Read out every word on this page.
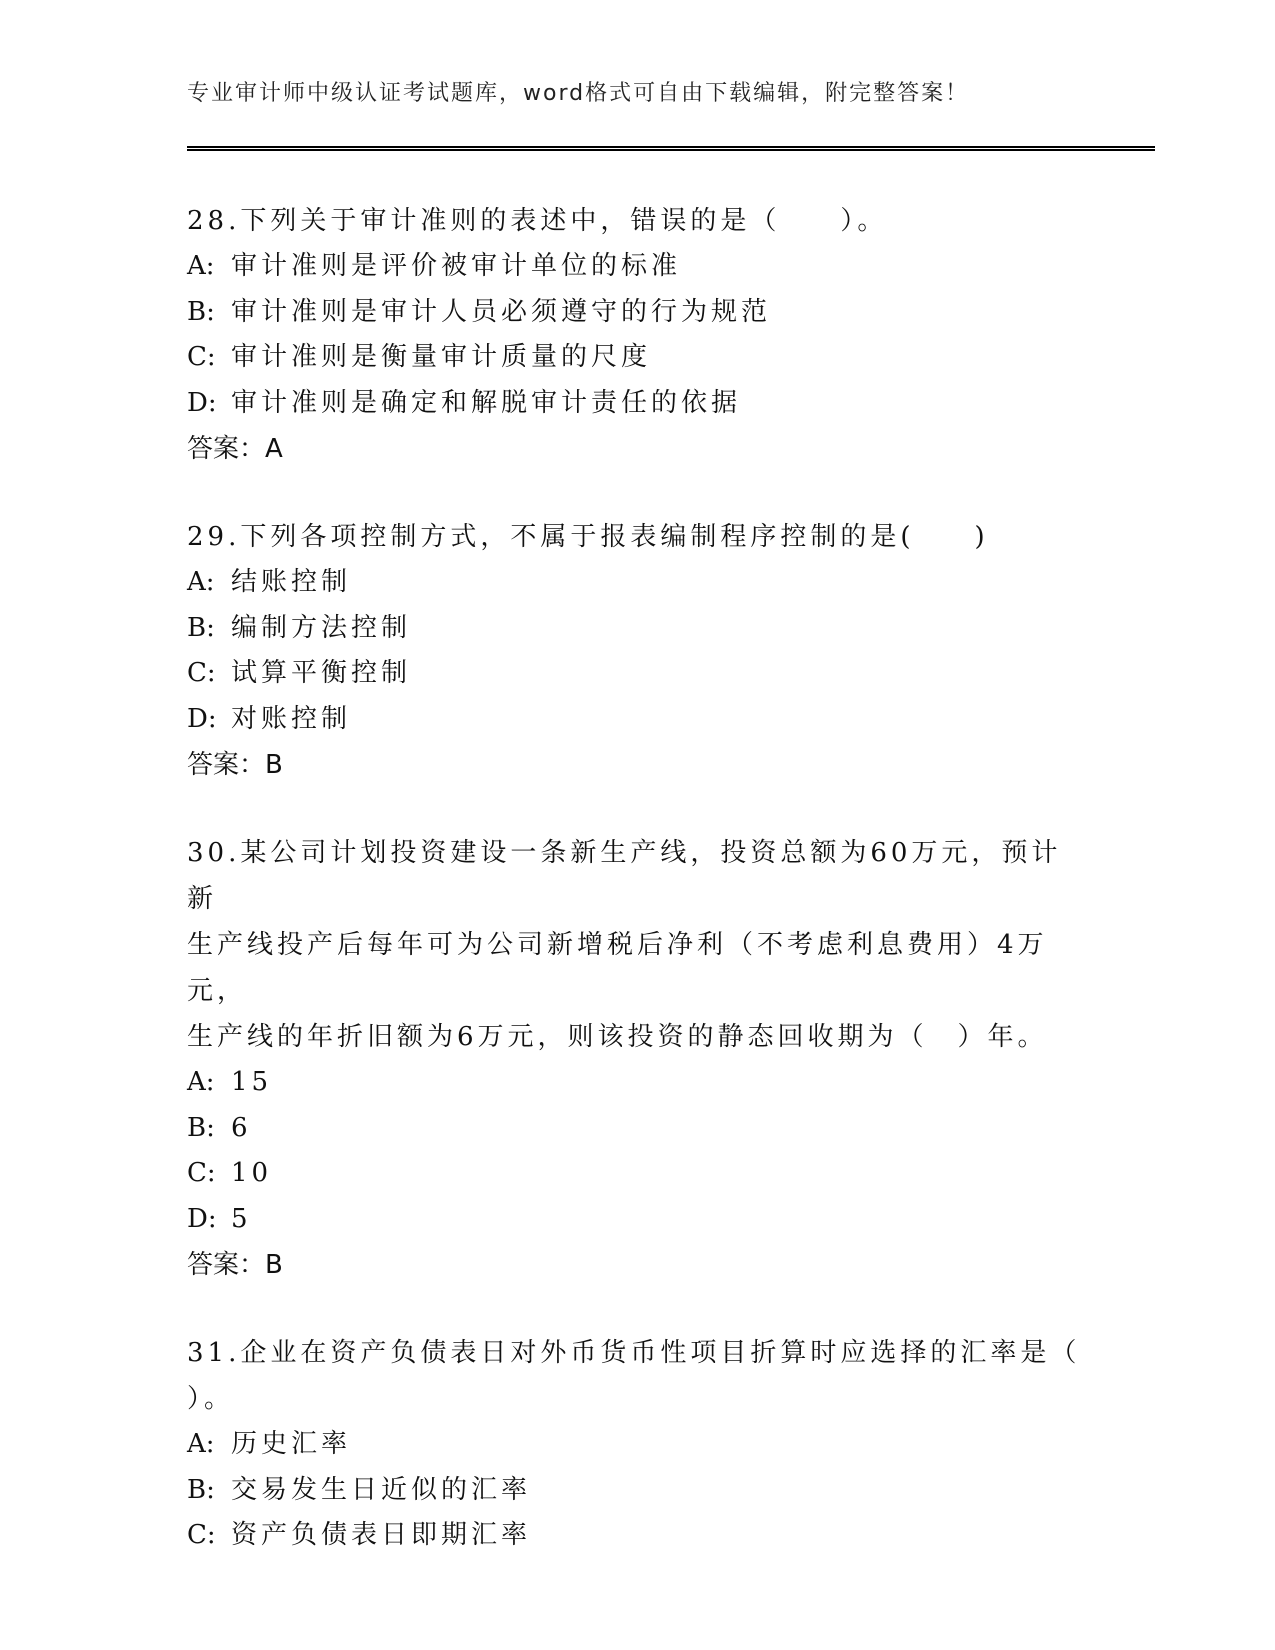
专业审计师中级认证考试题库，word格式可自由下载编辑，附完整答案！

28.下列关于审计准则的表述中，错误的是（　　）。

A: 审计准则是评价被审计单位的标准

B: 审计准则是审计人员必须遵守的行为规范

C: 审计准则是衡量审计质量的尺度

D: 审计准则是确定和解脱审计责任的依据

答案：A

29.下列各项控制方式，不属于报表编制程序控制的是(　　)

A: 结账控制

B: 编制方法控制

C: 试算平衡控制

D: 对账控制

答案：B

30.某公司计划投资建设一条新生产线，投资总额为60万元，预计新

生产线投产后每年可为公司新增税后净利（不考虑利息费用）4万元，

生产线的年折旧额为6万元，则该投资的静态回收期为（　）年。

A: 15

B: 6

C: 10

D: 5

答案：B

31.企业在资产负债表日对外币货币性项目折算时应选择的汇率是（

）。

A: 历史汇率

B: 交易发生日近似的汇率

C: 资产负债表日即期汇率
